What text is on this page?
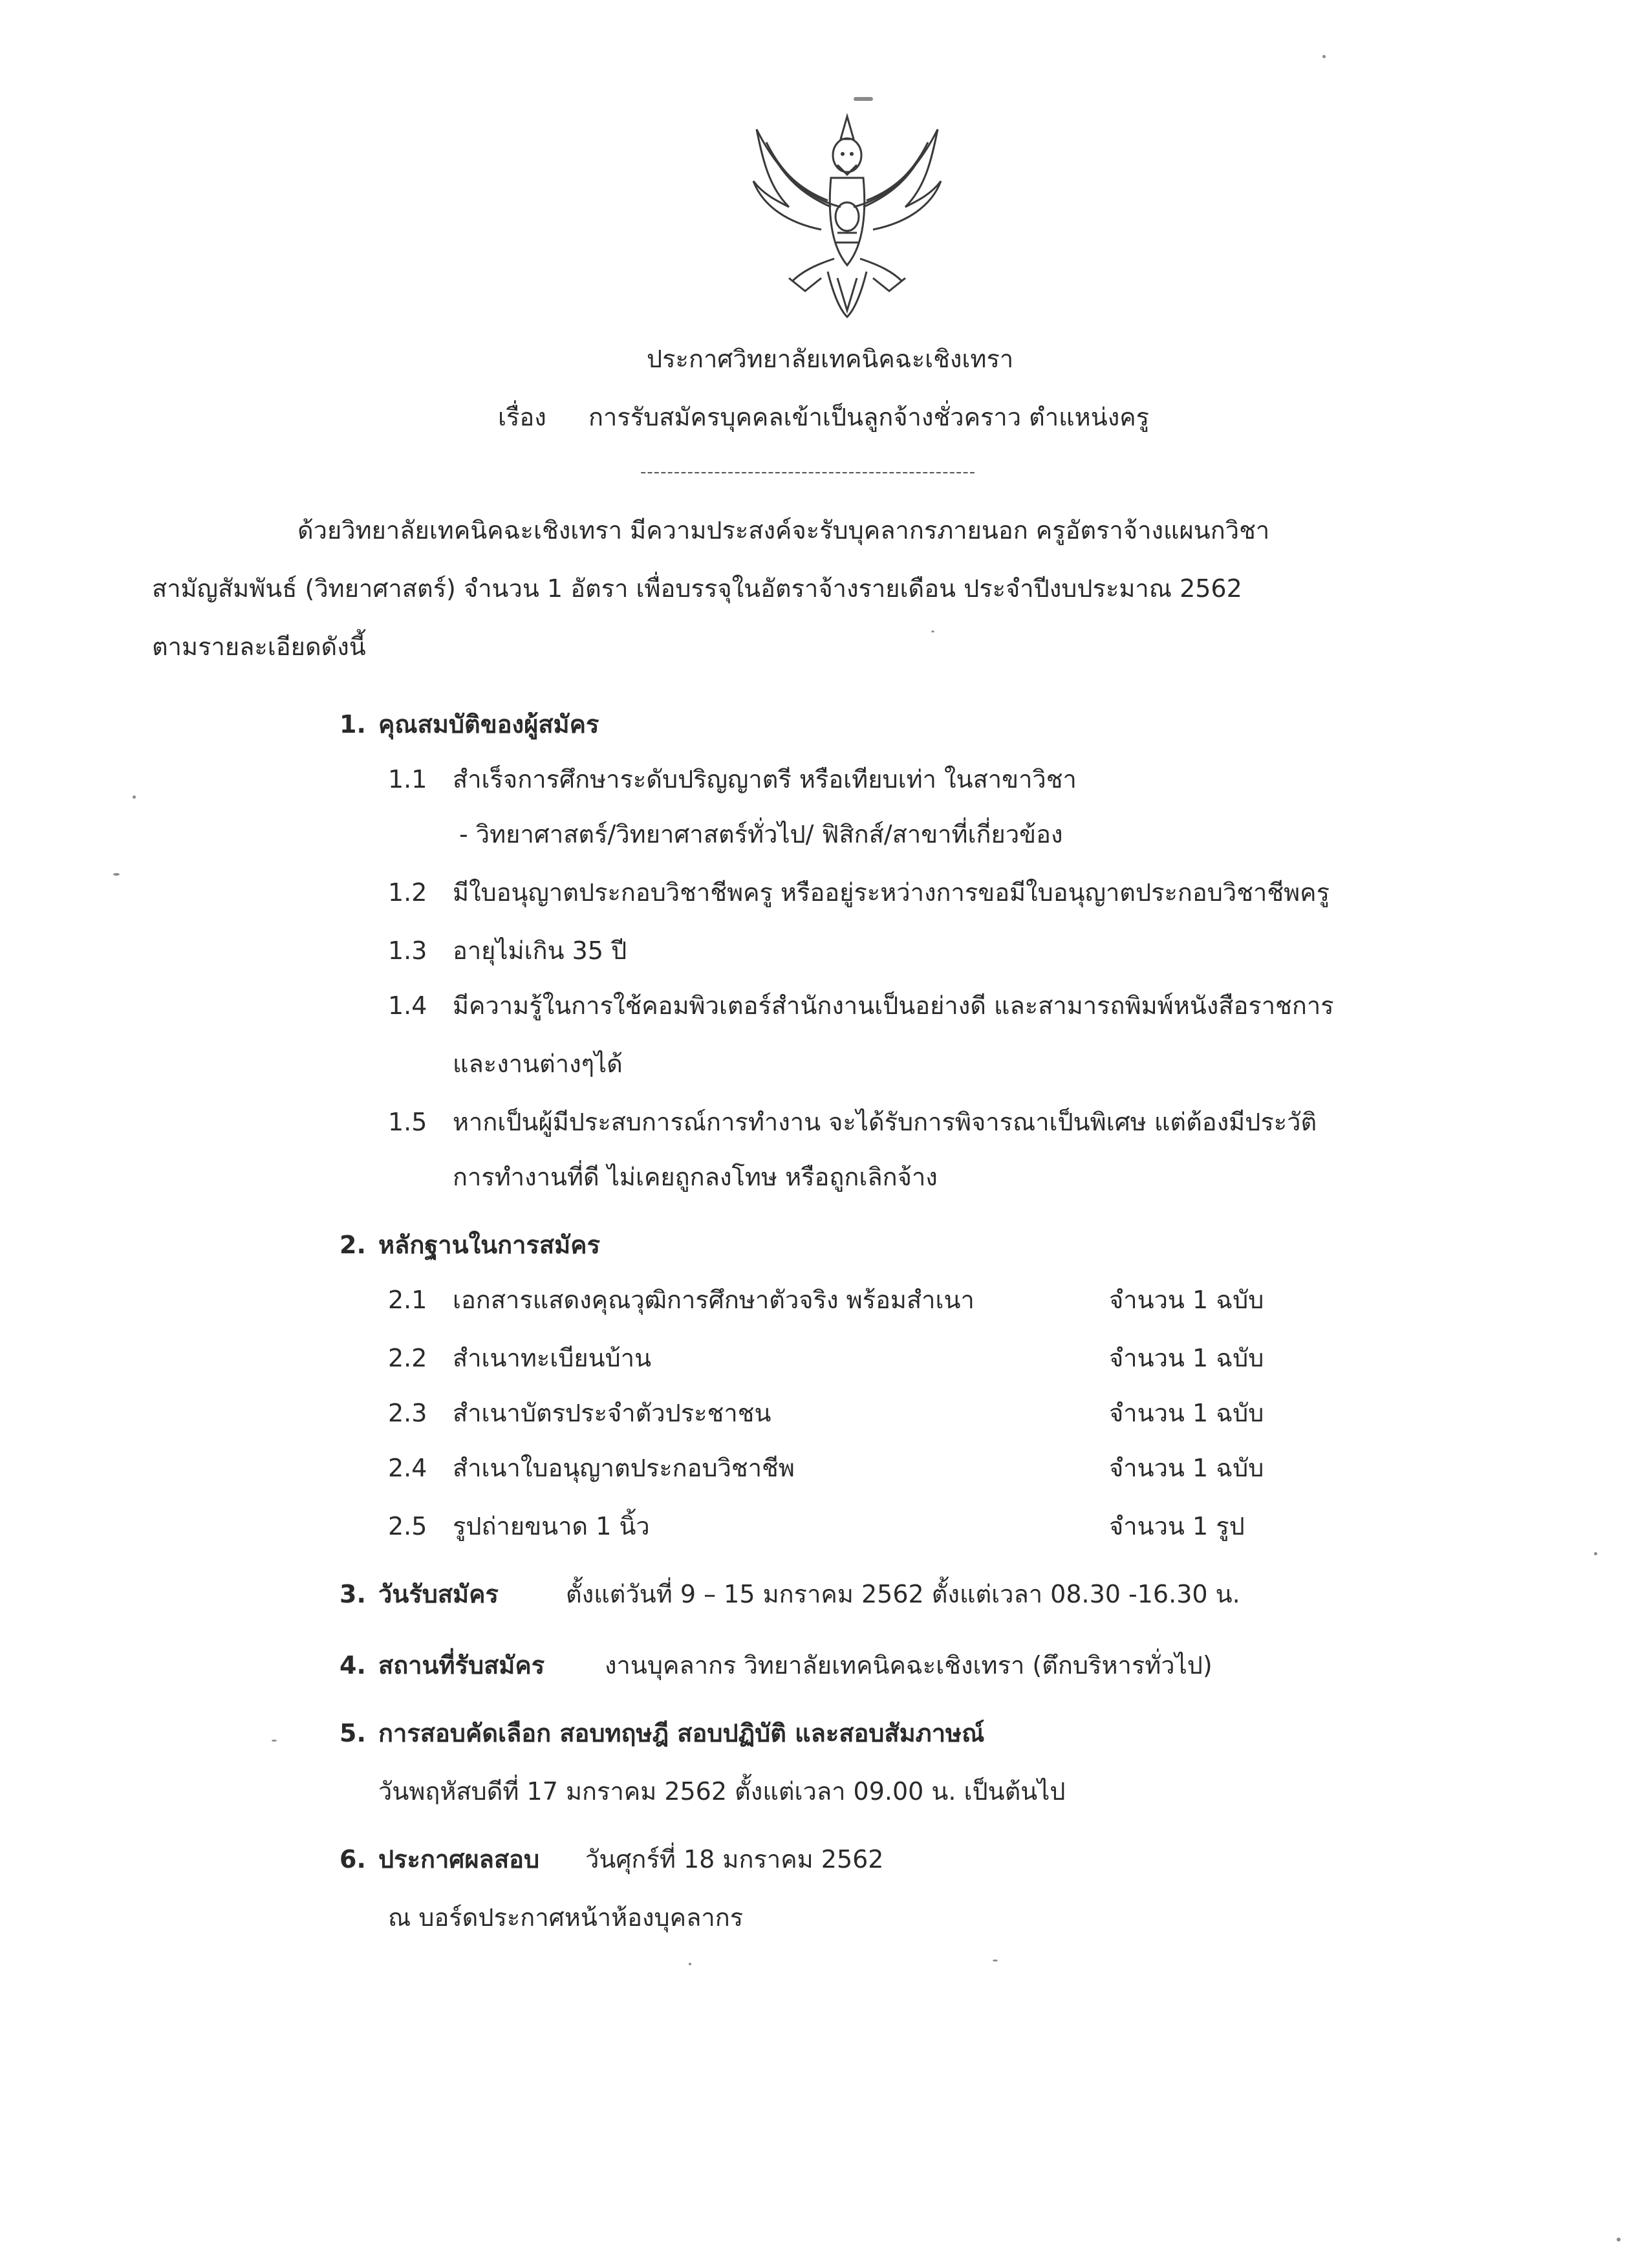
ประกาศวิทยาลัยเทคนิคฉะเชิงเทรา
เรื่อง การรับสมัครบุคคลเข้าเป็นลูกจ้างชั่วคราว ตำแหน่งครู
--------------------------------------------------
ด้วยวิทยาลัยเทคนิคฉะเชิงเทรา มีความประสงค์จะรับบุคลากรภายนอก ครูอัตราจ้างแผนกวิชา
สามัญสัมพันธ์ (วิทยาศาสตร์) จำนวน 1 อัตรา เพื่อบรรจุในอัตราจ้างรายเดือน ประจำปีงบประมาณ 2562
ตามรายละเอียดดังนี้
1. คุณสมบัติของผู้สมัคร
1.1 สำเร็จการศึกษาระดับปริญญาตรี หรือเทียบเท่า ในสาขาวิชา
- วิทยาศาสตร์/วิทยาศาสตร์ทั่วไป/ ฟิสิกส์/สาขาที่เกี่ยวข้อง
1.2 มีใบอนุญาตประกอบวิชาชีพครู หรืออยู่ระหว่างการขอมีใบอนุญาตประกอบวิชาชีพครู
1.3 อายุไม่เกิน 35 ปี
1.4 มีความรู้ในการใช้คอมพิวเตอร์สำนักงานเป็นอย่างดี และสามารถพิมพ์หนังสือราชการ
และงานต่างๆได้
1.5 หากเป็นผู้มีประสบการณ์การทำงาน จะได้รับการพิจารณาเป็นพิเศษ แต่ต้องมีประวัติ
การทำงานที่ดี ไม่เคยถูกลงโทษ หรือถูกเลิกจ้าง
2. หลักฐานในการสมัคร
2.1 เอกสารแสดงคุณวุฒิการศึกษาตัวจริง พร้อมสำเนา	จำนวน 1 ฉบับ
2.2 สำเนาทะเบียนบ้าน	จำนวน 1 ฉบับ
2.3 สำเนาบัตรประจำตัวประชาชน	จำนวน 1 ฉบับ
2.4 สำเนาใบอนุญาตประกอบวิชาชีพ	จำนวน 1 ฉบับ
2.5 รูปถ่ายขนาด 1 นิ้ว	จำนวน 1 รูป
3. วันรับสมัคร	ตั้งแต่วันที่ 9 – 15 มกราคม 2562 ตั้งแต่เวลา 08.30 -16.30 น.
4. สถานที่รับสมัคร งานบุคลากร วิทยาลัยเทคนิคฉะเชิงเทรา (ตึกบริหารทั่วไป)
5. การสอบคัดเลือก สอบทฤษฎี สอบปฏิบัติ และสอบสัมภาษณ์
วันพฤหัสบดีที่ 17 มกราคม 2562 ตั้งแต่เวลา 09.00 น. เป็นต้นไป
6. ประกาศผลสอบ วันศุกร์ที่ 18 มกราคม 2562
ณ บอร์ดประกาศหน้าห้องบุคลากร
